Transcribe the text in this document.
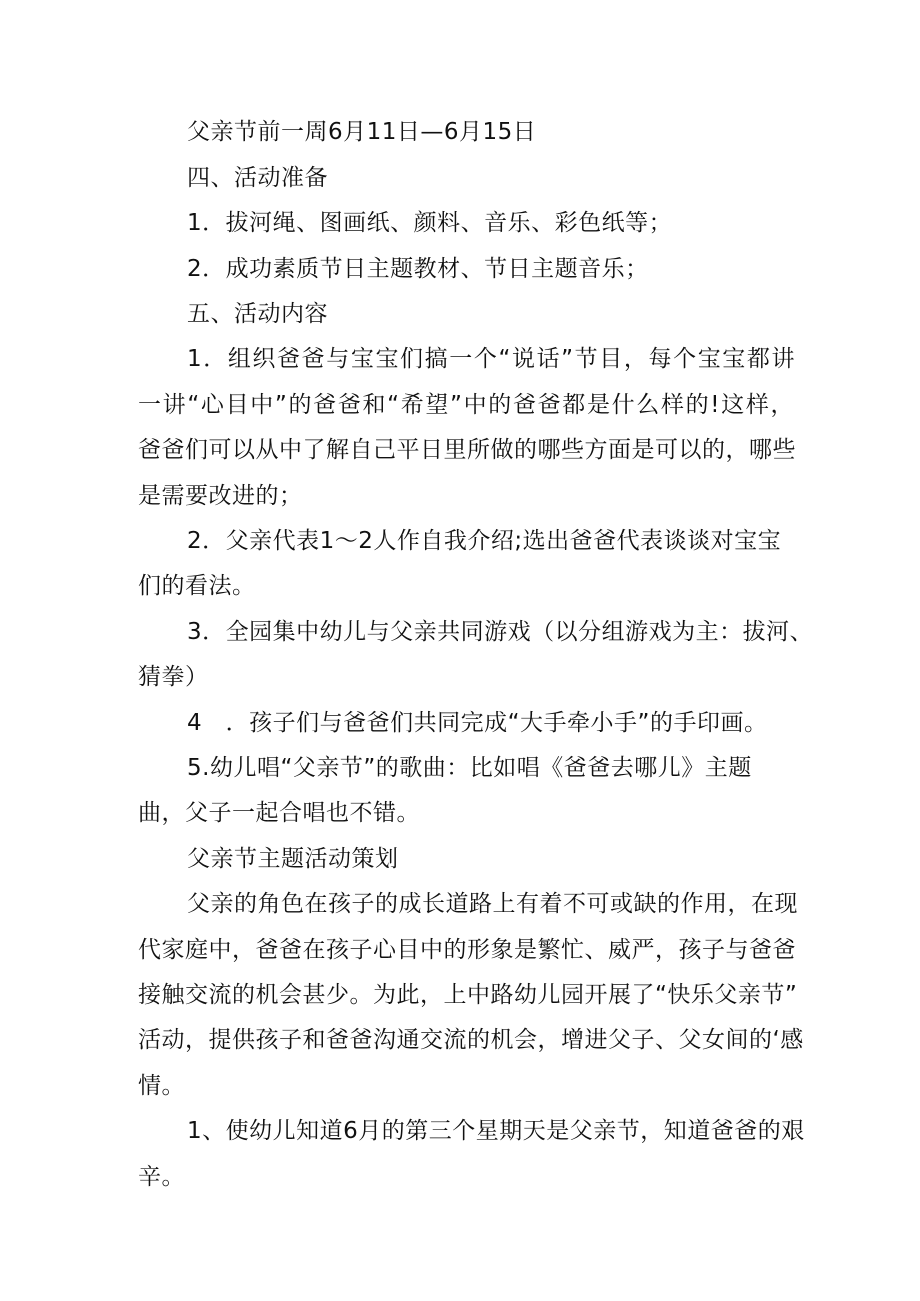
父亲节前一周6月11日—6月15日
四、活动准备
1．拔河绳、图画纸、颜料、音乐、彩色纸等；
2．成功素质节日主题教材、节日主题音乐；
五、活动内容
1．组织爸爸与宝宝们搞一个“说话”节目，每个宝宝都讲
一讲“心目中”的爸爸和“希望”中的爸爸都是什么样的!这样，
爸爸们可以从中了解自己平日里所做的哪些方面是可以的，哪些
是需要改进的；
2．父亲代表1〜2人作自我介绍;选出爸爸代表谈谈对宝宝
们的看法。
3．全园集中幼儿与父亲共同游戏（以分组游戏为主：拔河、
猜拳）
4　．孩子们与爸爸们共同完成“大手牵小手”的手印画。
5.幼儿唱“父亲节”的歌曲：比如唱《爸爸去哪儿》主题
曲，父子一起合唱也不错。
父亲节主题活动策划
父亲的角色在孩子的成长道路上有着不可或缺的作用，在现
代家庭中，爸爸在孩子心目中的形象是繁忙、威严，孩子与爸爸
接触交流的机会甚少。为此，上中路幼儿园开展了“快乐父亲节”
活动，提供孩子和爸爸沟通交流的机会，增进父子、父女间的‘感
情。
1、使幼儿知道6月的第三个星期天是父亲节，知道爸爸的艰
辛。
